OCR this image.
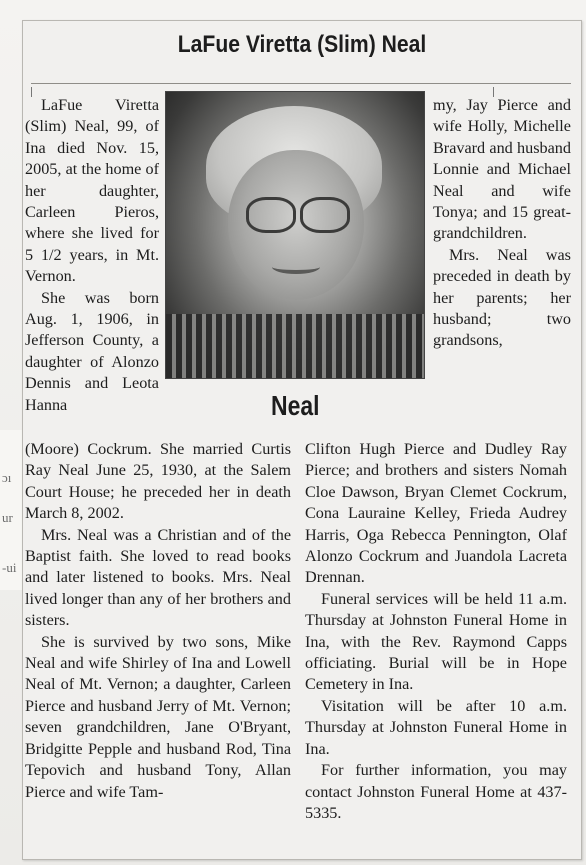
ɔı
ur
-ui
LaFue Viretta (Slim) Neal
Neal

LaFue Viretta (Slim) Neal, 99, of Ina died Nov. 15, 2005, at the home of her daughter, Carleen Pieros, where she lived for 5 1/2 years, in Mt. Vernon.

She was born Aug. 1, 1906, in Jefferson County, a daughter of Alonzo Dennis and Leota Hanna

my, Jay Pierce and wife Holly, Michelle Bravard and husband Lonnie and Michael Neal and wife Tonya; and 15 great-grandchildren.

Mrs. Neal was preceded in death by her parents; her husband; two grandsons,

(Moore) Cockrum. She married Curtis Ray Neal June 25, 1930, at the Salem Court House; he preceded her in death March 8, 2002.

Mrs. Neal was a Christian and of the Baptist faith. She loved to read books and later listened to books. Mrs. Neal lived longer than any of her brothers and sisters.

She is survived by two sons, Mike Neal and wife Shirley of Ina and Lowell Neal of Mt. Vernon; a daughter, Carleen Pierce and husband Jerry of Mt. Vernon; seven grandchildren, Jane O'Bryant, Bridgitte Pepple and husband Rod, Tina Tepovich and husband Tony, Allan Pierce and wife Tam-

Clifton Hugh Pierce and Dudley Ray Pierce; and brothers and sisters Nomah Cloe Dawson, Bryan Clemet Cockrum, Cona Lauraine Kelley, Frieda Audrey Harris, Oga Rebecca Pennington, Olaf Alonzo Cockrum and Juandola Lacreta Drennan.

Funeral services will be held 11 a.m. Thursday at Johnston Funeral Home in Ina, with the Rev. Raymond Capps officiating. Burial will be in Hope Cemetery in Ina.

Visitation will be after 10 a.m. Thursday at Johnston Funeral Home in Ina.

For further information, you may contact Johnston Funeral Home at 437-5335.
